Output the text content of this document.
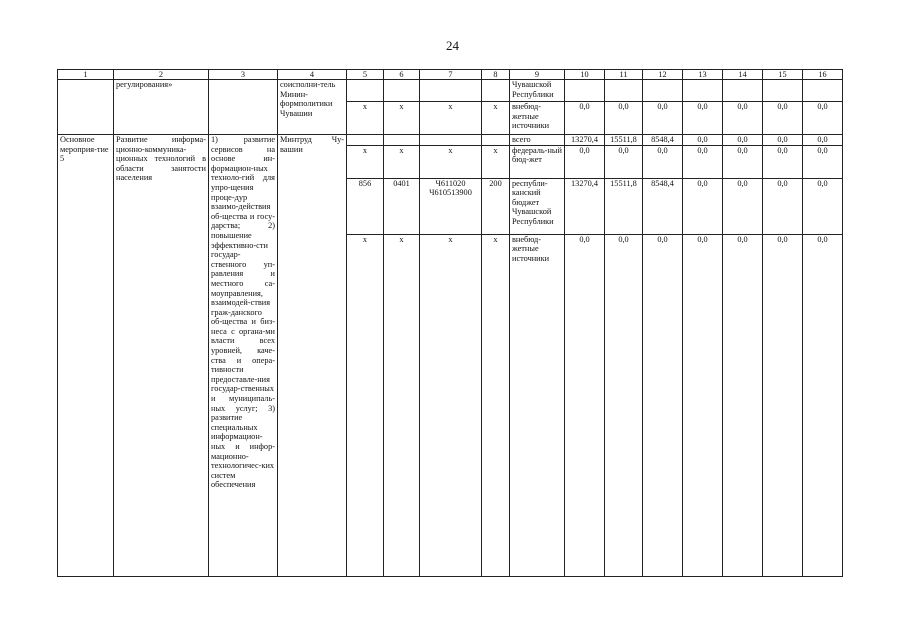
24
1	2	3	4	5	6	7	8	9	10	11	12	13	14	15	16
	регулирования»		соисполни-тель Минин-формполитики Чувашии					Чувашской Республики							
				x	x	x	x	внебюд-жетные источники	0,0	0,0	0,0	0,0	0,0	0,0	0,0
Основное мероприя-тие 5	Развитие информа-ционно-коммуника-ционных технологий в области занятости населения	1) развитие сервисов на основе ин-формацион-ных техноло-гий для упро-щения проце-дур взаимо-действия об-щества и госу-дарства; 2) повышение эффективно-сти государ-ственного уп-равления и местного са-моуправления, взаимодей-ствия граж-данского об-щества и биз-неса с органа-ми власти всех уровней, каче-ства и опера-тивности предоставле-ния государ-ственных и муниципаль-ных услуг; 3) развитие специальных информацион-ных и инфор-мационно-технологичес-ких систем обеспечения	Минтруд Чу-вашии					всего	13270,4	15511,8	8548,4	0,0	0,0	0,0	0,0
				x	x	x	x	федераль-ный бюд-жет	0,0	0,0	0,0	0,0	0,0	0,0	0,0
				856	0401	Ч611020 Ч610513900	200	республи-канский бюджет Чувашской Республики	13270,4	15511,8	8548,4	0,0	0,0	0,0	0,0
				x	x	x	x	внебюд-жетные источники	0,0	0,0	0,0	0,0	0,0	0,0	0,0
